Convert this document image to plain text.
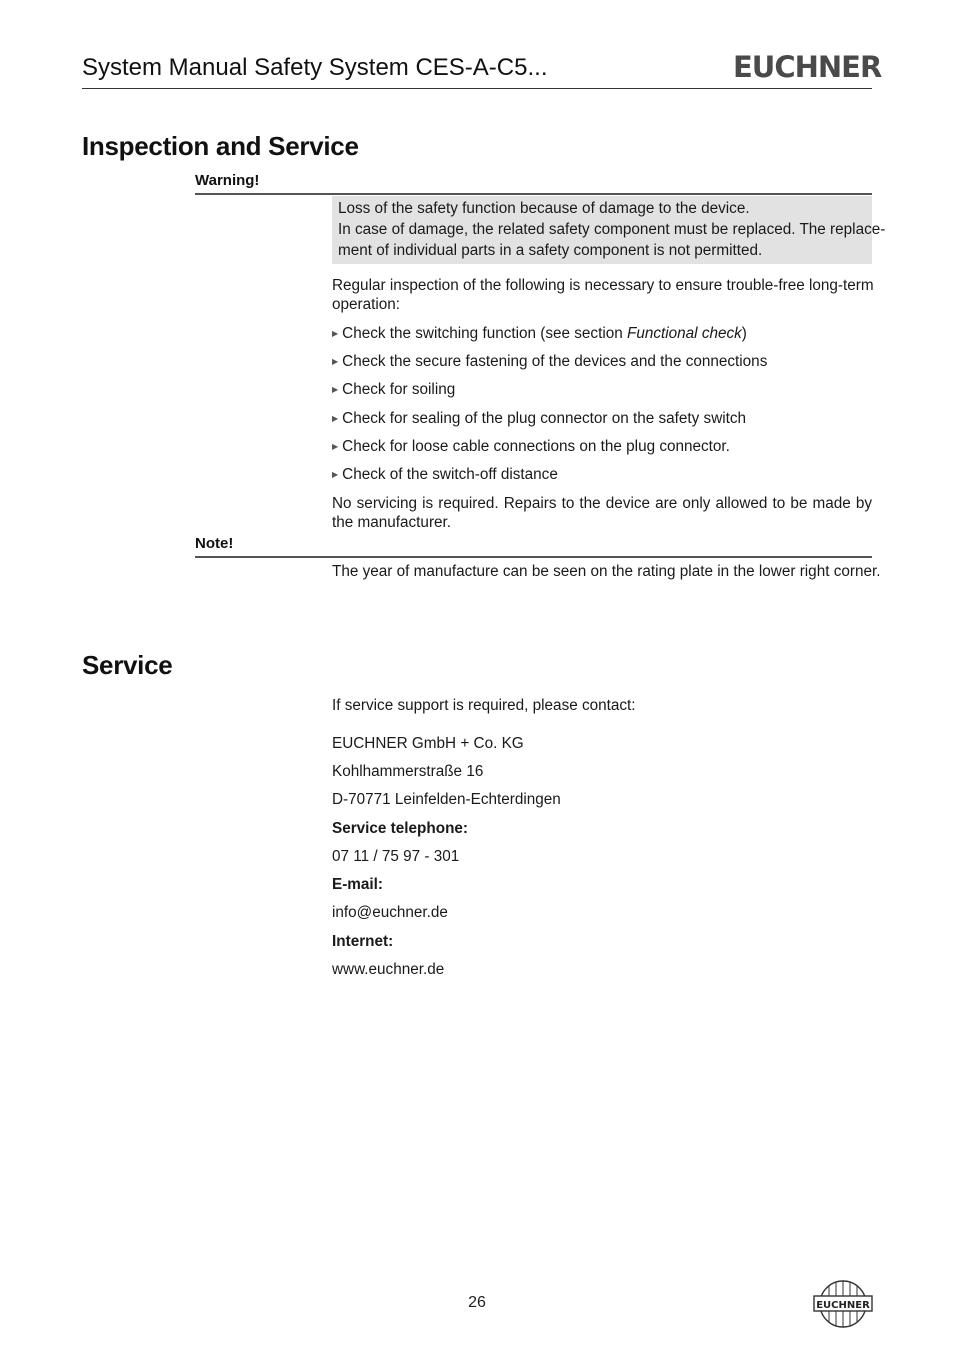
System Manual Safety System CES-A-C5...	EUCHNER
Inspection and Service
Warning!
Loss of the safety function because of damage to the device.
In case of damage, the related safety component must be replaced. The replace-
ment of individual parts in a safety component is not permitted.
Regular inspection of the following is necessary to ensure trouble-free long-term
operation:
▶ Check the switching function (see section Functional check)
▶ Check the secure fastening of the devices and the connections
▶ Check for soiling
▶ Check for sealing of the plug connector on the safety switch
▶ Check for loose cable connections on the plug connector.
▶ Check of the switch-off distance
No servicing is required. Repairs to the device are only allowed to be made by
the manufacturer.
Note!
The year of manufacture can be seen on the rating plate in the lower right corner.
Service
If service support is required, please contact:
EUCHNER GmbH + Co. KG
Kohlhammerstraße 16
D-70771 Leinfelden-Echterdingen
Service telephone:
07 11 / 75 97 - 301
E-mail:
info@euchner.de
Internet:
www.euchner.de
26	EUCHNER
